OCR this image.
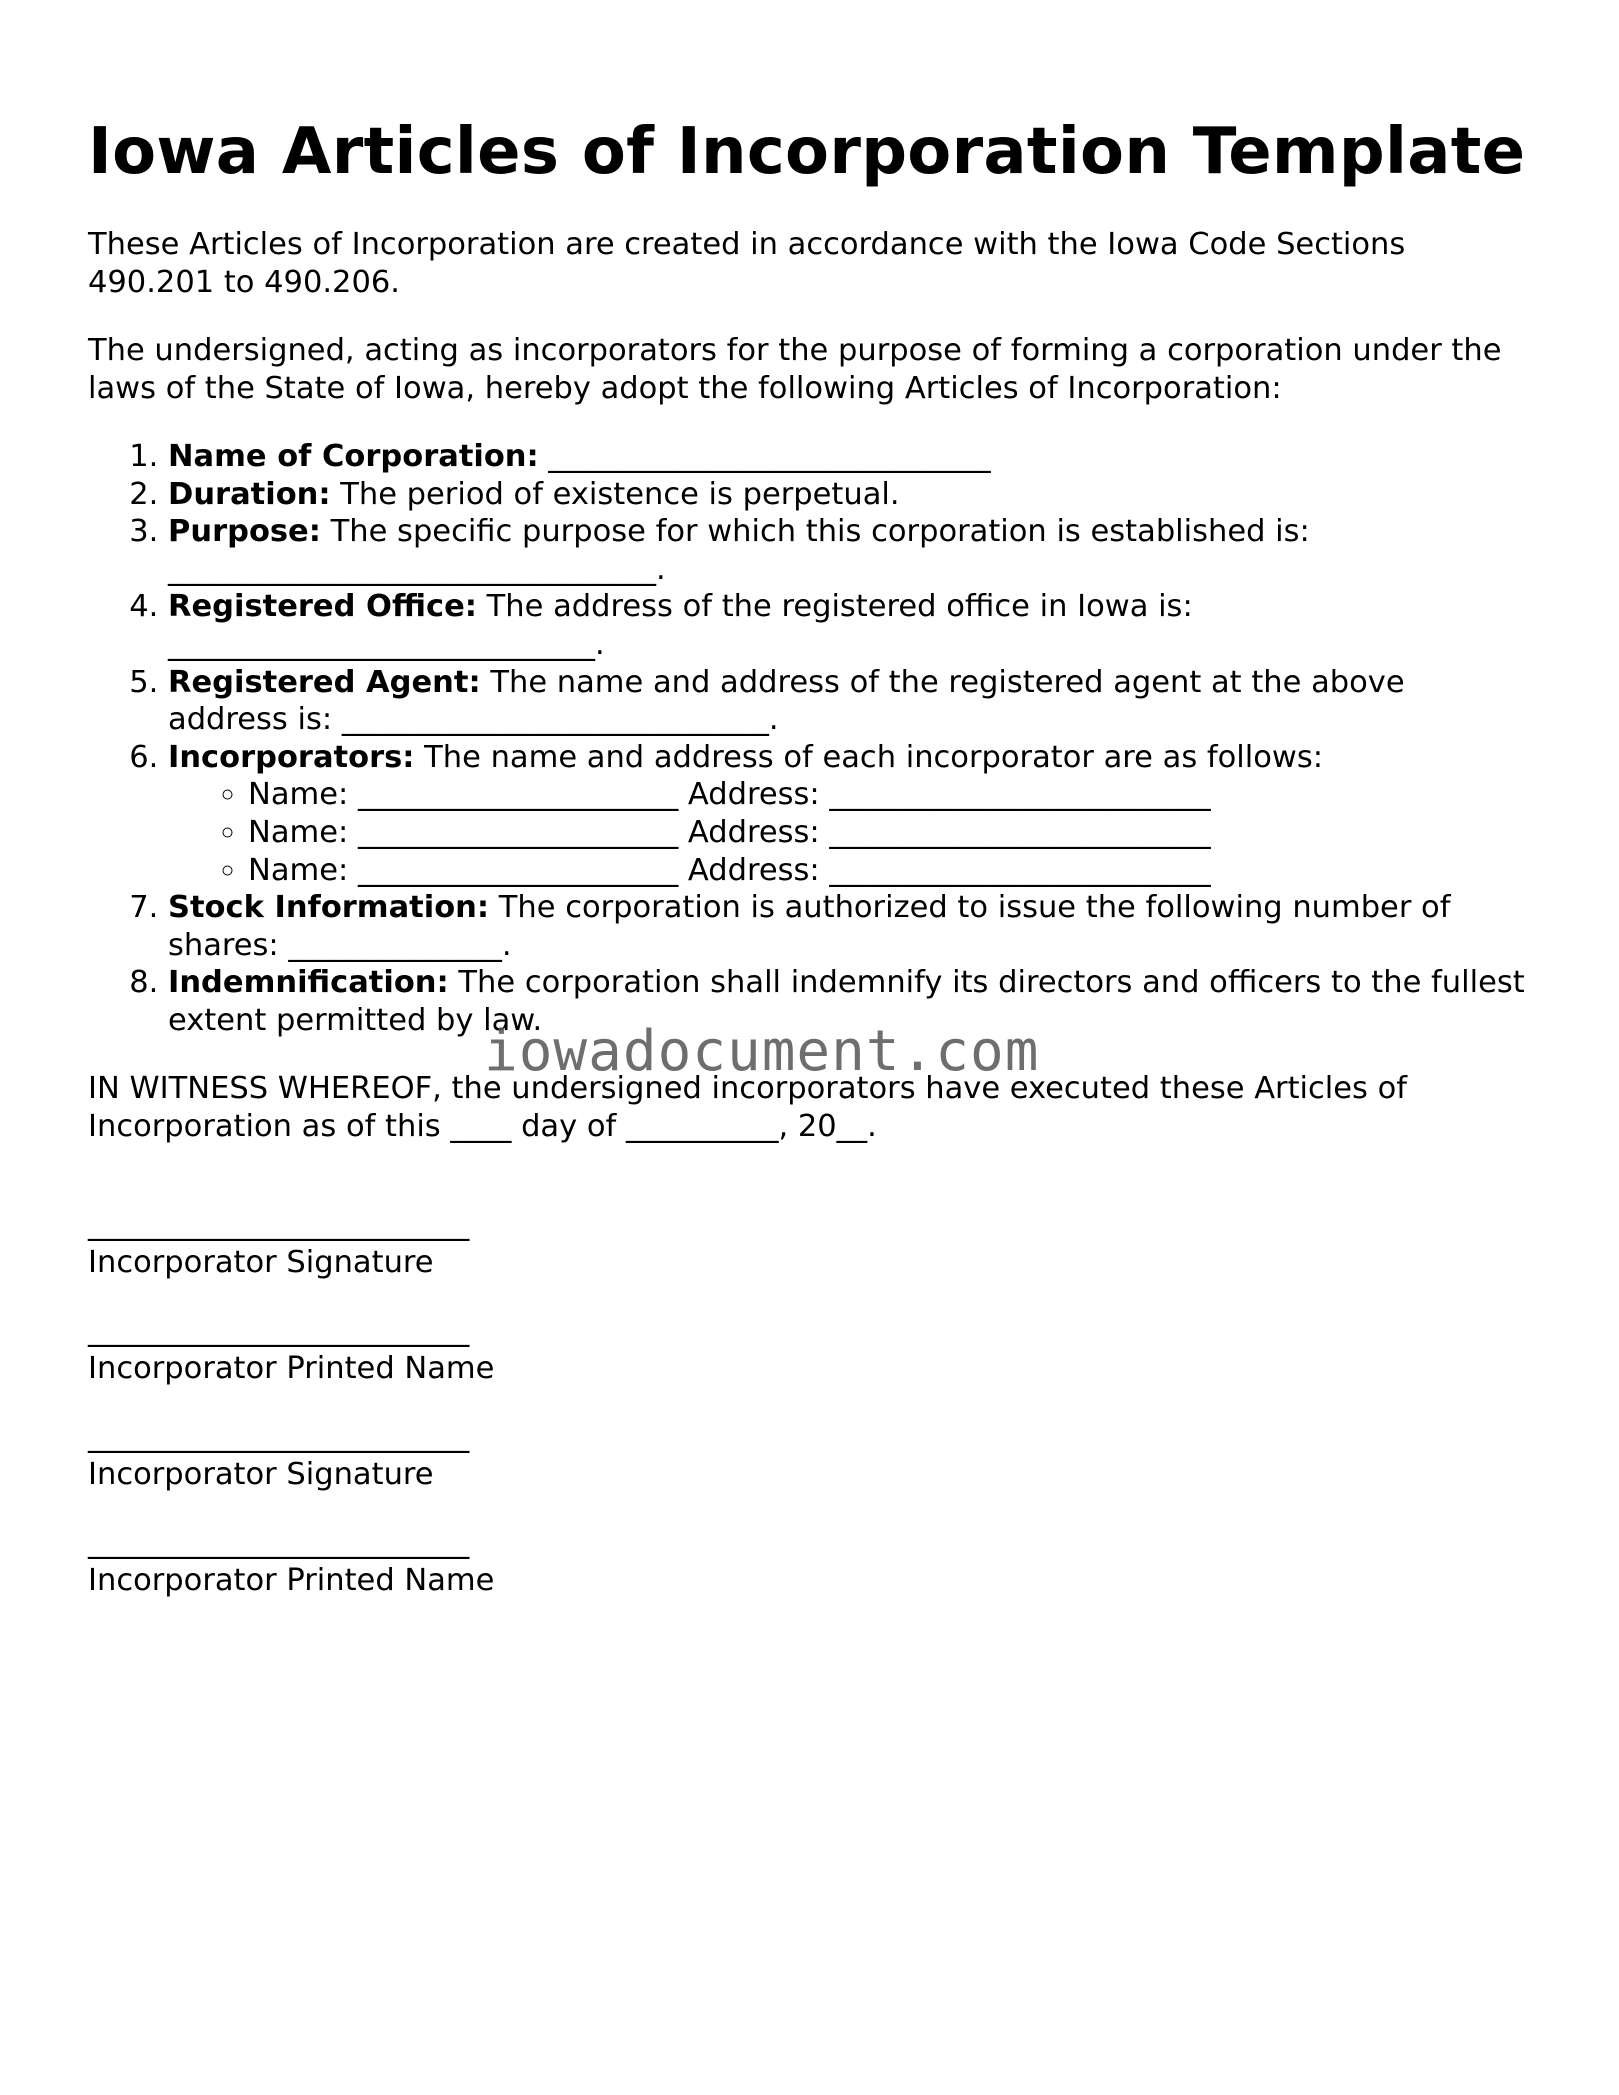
Iowa Articles of Incorporation Template

These Articles of Incorporation are created in accordance with the Iowa Code Sections 490.201 to 490.206.

The undersigned, acting as incorporators for the purpose of forming a corporation under the laws of the State of Iowa, hereby adopt the following Articles of Incorporation:

1. Name of Corporation: _____________________________
2. Duration: The period of existence is perpetual.
3. Purpose: The specific purpose for which this corporation is established is: ________________________________.
4. Registered Office: The address of the registered office in Iowa is: ____________________________.
5. Registered Agent: The name and address of the registered agent at the above address is: ____________________________.
6. Incorporators: The name and address of each incorporator are as follows:
◦ Name: _____________________ Address: _________________________
◦ Name: _____________________ Address: _________________________
◦ Name: _____________________ Address: _________________________
7. Stock Information: The corporation is authorized to issue the following number of shares: ______________.
8. Indemnification: The corporation shall indemnify its directors and officers to the fullest extent permitted by law.

IN WITNESS WHEREOF, the undersigned incorporators have executed these Articles of Incorporation as of this ____ day of __________, 20__.

_________________________
Incorporator Signature
_________________________
Incorporator Printed Name
_________________________
Incorporator Signature
_________________________
Incorporator Printed Name
iowadocument.com
